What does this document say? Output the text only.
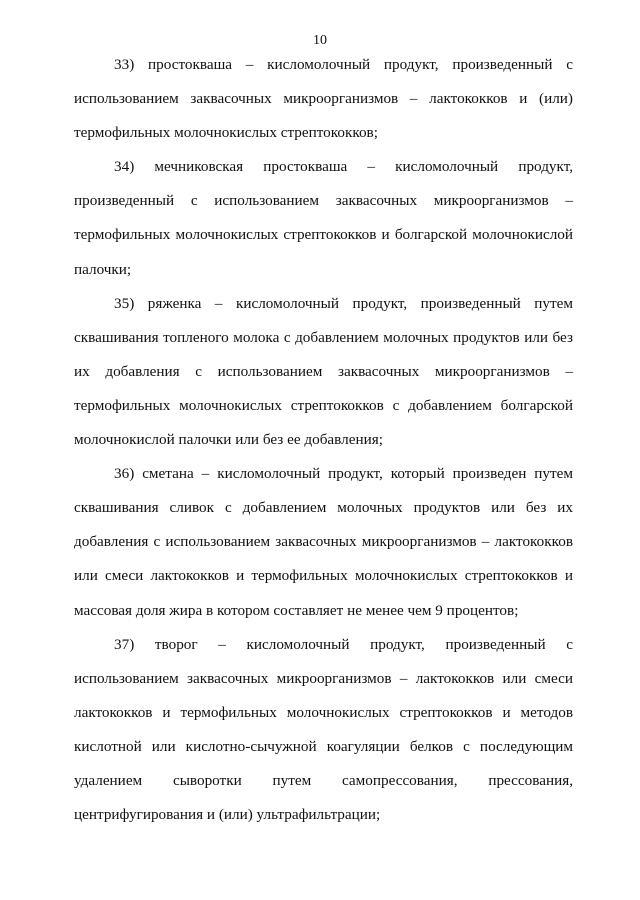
10

33) простокваша – кисломолочный продукт, произведенный с
использованием заквасочных микроорганизмов – лактококков и (или)
термофильных молочнокислых стрептококков;

34) мечниковская простокваша – кисломолочный продукт,
произведенный с использованием заквасочных микроорганизмов –
термофильных молочнокислых стрептококков и болгарской молочнокислой
палочки;

35) ряженка – кисломолочный продукт, произведенный путем
сквашивания топленого молока с добавлением молочных продуктов или без
их добавления с использованием заквасочных микроорганизмов –
термофильных молочнокислых стрептококков с добавлением болгарской
молочнокислой палочки или без ее добавления;

36) сметана – кисломолочный продукт, который произведен путем
сквашивания сливок с добавлением молочных продуктов или без их
добавления с использованием заквасочных микроорганизмов – лактококков
или смеси лактококков и термофильных молочнокислых стрептококков и
массовая доля жира в котором составляет не менее чем 9 процентов;

37) творог – кисломолочный продукт, произведенный с
использованием заквасочных микроорганизмов – лактококков или смеси
лактококков и термофильных молочнокислых стрептококков и методов
кислотной или кислотно-сычужной коагуляции белков с последующим
удалением сыворотки путем самопрессования, прессования,
центрифугирования и (или) ультрафильтрации;
